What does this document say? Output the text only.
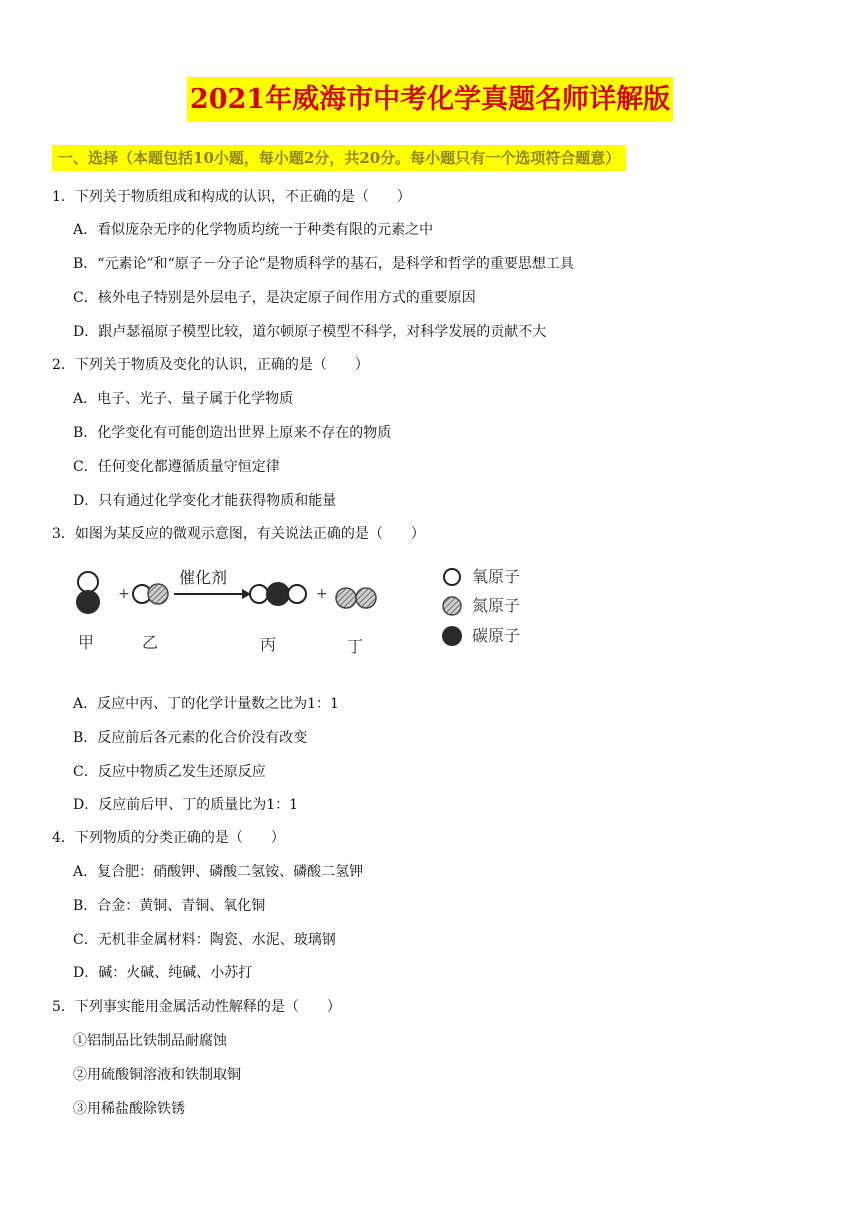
2021年威海市中考化学真题名师详解版
一、选择（本题包括10小题，每小题2分，共20分。每小题只有一个选项符合题意）
1．下列关于物质组成和构成的认识，不正确的是（　　）
A．看似庞杂无序的化学物质均统一于种类有限的元素之中
B．“元素论”和“原子－分子论”是物质科学的基石，是科学和哲学的重要思想工具
C．核外电子特别是外层电子，是决定原子间作用方式的重要原因
D．跟卢瑟福原子模型比较，道尔顿原子模型不科学，对科学发展的贡献不大
2．下列关于物质及变化的认识，正确的是（　　）
A．电子、光子、量子属于化学物质
B．化学变化有可能创造出世界上原来不存在的物质
C．任何变化都遵循质量守恒定律
D．只有通过化学变化才能获得物质和能量
3．如图为某反应的微观示意图，有关说法正确的是（　　）
+
催化剂
+
甲	乙	丙	丁
氧原子
氮原子
碳原子
A．反应中丙、丁的化学计量数之比为1：1
B．反应前后各元素的化合价没有改变
C．反应中物质乙发生还原反应
D．反应前后甲、丁的质量比为1：1
4．下列物质的分类正确的是（　　）
A．复合肥：硝酸钾、磷酸二氢铵、磷酸二氢钾
B．合金：黄铜、青铜、氧化铜
C．无机非金属材料：陶瓷、水泥、玻璃钢
D．碱：火碱、纯碱、小苏打
5．下列事实能用金属活动性解释的是（　　）
①铝制品比铁制品耐腐蚀
②用硫酸铜溶液和铁制取铜
③用稀盐酸除铁锈
